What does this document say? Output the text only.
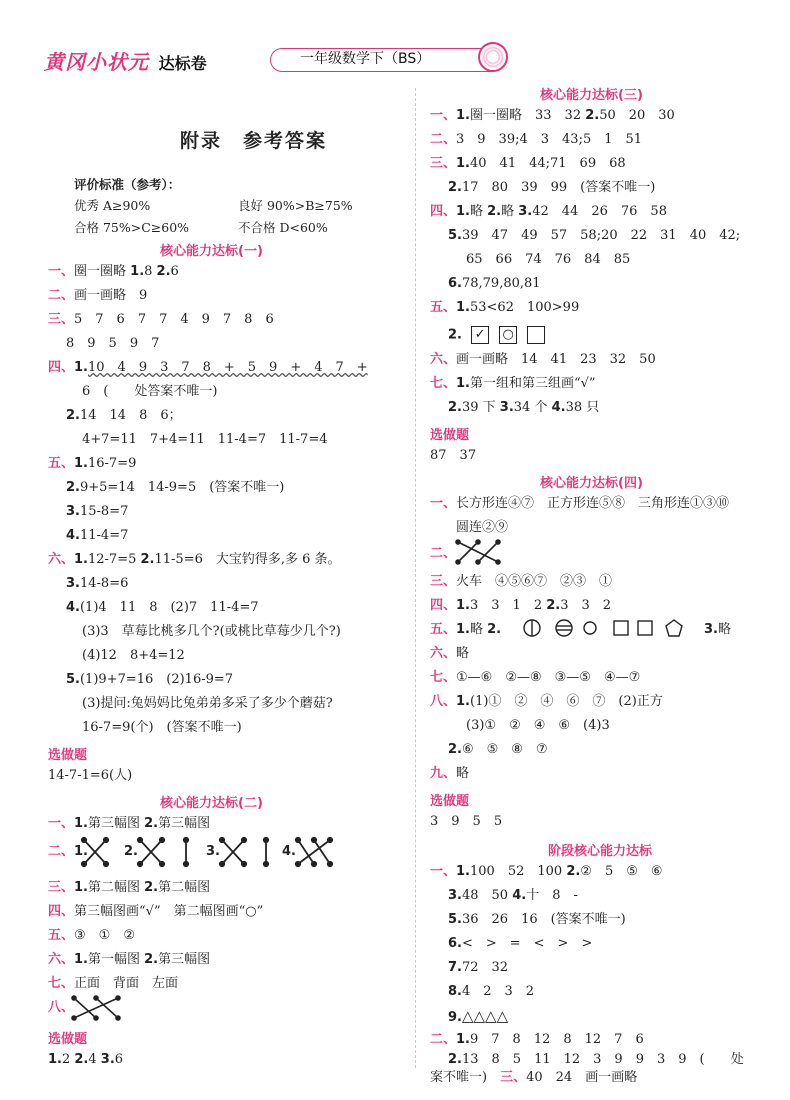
黄冈小状元 达标卷	一年级数学下（BS）
附录　参考答案
评价标准（参考）：
优秀 A≥90%	良好 90%>B≥75%
合格 75%>C≥60%	不合格 D<60%
核心能力达标(一)
一、圈一圈略 1.8 2.6
二、画一画略　9
三、5　7　6　7　7　4　9　7　8　6
8　9　5　9　7
四、1.10　4　9　3　7　8　+　5　9　+　4　7　+
6　(　　处答案不唯一)
2.14　14　8　6；
4+7=11　7+4=11　11-4=7　11-7=4
五、1.16-7=9
2.9+5=14　14-9=5　(答案不唯一)
3.15-8=7
4.11-4=7
六、1.12-7=5 2.11-5=6　大宝钓得多,多 6 条。
3.14-8=6
4.(1)4　11　8　(2)7　11-4=7
(3)3　草莓比桃多几个?(或桃比草莓少几个?)
(4)12　8+4=12
5.(1)9+7=16　(2)16-9=7
(3)提问:兔妈妈比兔弟弟多采了多少个蘑菇?
16-7=9(个)　(答案不唯一)
选做题
14-7-1=6(人)
核心能力达标(二)
一、1.第三幅图 2.第三幅图
二、1.	2.	3.	4.
三、1.第二幅图 2.第二幅图
四、第三幅图画“√”　第二幅图画“○”
五、③　①　②
六、1.第一幅图 2.第三幅图
七、正面　背面　左面
八、
选做题
1.2 2.4 3.6
核心能力达标(三)
一、1.圈一圈略　33　32 2.50　20　30
二、3　9　39;4　3　43;5　1　51
三、1.40　41　44;71　69　68
2.17　80　39　99　(答案不唯一)
四、1.略 2.略 3.42　44　26　76　58
5.39　47　49　57　58;20　22　31　40　42;
65　66　74　76　84　85
6.78,79,80,81
五、1.53<62　100>99
2. ✓ ○
六、画一画略　14　41　23　32　50
七、1.第一组和第三组画“√”
2.39 下 3.34 个 4.38 只
选做题
87　37
核心能力达标(四)
一、长方形连④⑦　正方形连⑤⑧　三角形连①③⑩
圆连②⑨
二、
三、火车　④⑤⑥⑦　②③　①
四、1.3　3　1　2 2.3　3　2
五、1.略 2.	3.略
六、略
七、①—⑥　②—⑧　③—⑤　④—⑦
八、1.(1)①　②　④　⑥　⑦　(2)正方
(3)①　②　④　⑥　(4)3
2.⑥　⑤　⑧　⑦
九、略
选做题
3　9　5　5
阶段核心能力达标
一、1.100　52　100 2.②　5　⑤　⑥
3.48　50 4.十　8　-
5.36　26　16　(答案不唯一)
6.<　>　=　<　>　>
7.72　32
8.4　2　3　2
9.△△△△
二、1.9　7　8　12　8　12　7　6
2.13　8　5　11　12　3　9　9　3　9　(　　处
案不唯一)　 三、40　24　画一画略
